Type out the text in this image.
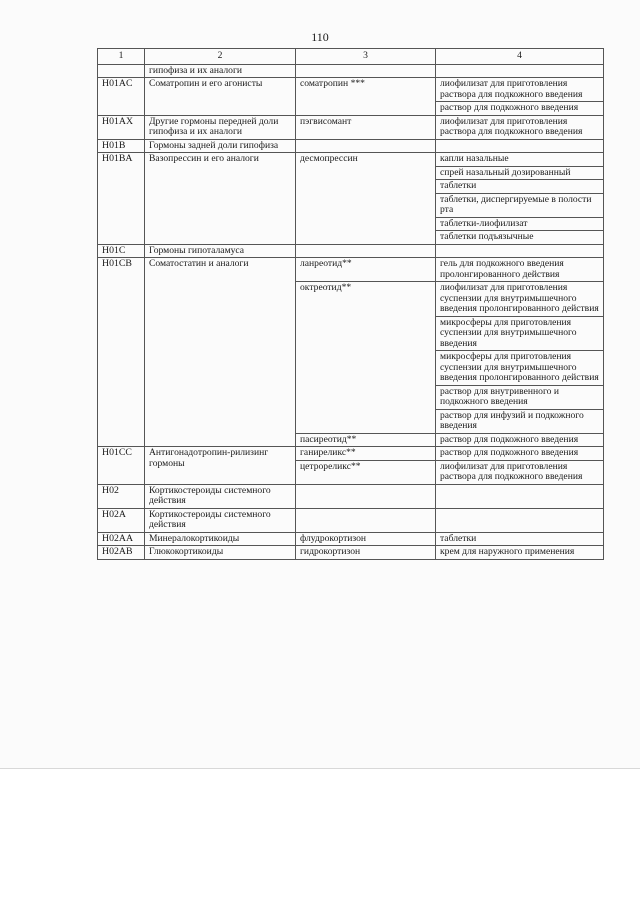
110
1	2	3	4
	гипофиза и их аналоги		
H01AC	Соматропин и его агонисты	соматропин ***	лиофилизат для приготовления раствора для подкожного введения
			раствор для подкожного введения
H01AX	Другие гормоны передней доли гипофиза и их аналоги	пэгвисомант	лиофилизат для приготовления раствора для подкожного введения
H01B	Гормоны задней доли гипофиза		
H01BA	Вазопрессин и его аналоги	десмопрессин	капли назальные
			спрей назальный дозированный
			таблетки
			таблетки, диспергируемые в полости рта
			таблетки-лиофилизат
			таблетки подъязычные
H01C	Гормоны гипоталамуса		
H01CB	Соматостатин и аналоги	ланреотид**	гель для подкожного введения пролонгированного действия
		октреотид**	лиофилизат для приготовления суспензии для внутримышечного введения пролонгированного действия
			микросферы для приготовления суспензии для внутримышечного введения
			микросферы для приготовления суспензии для внутримышечного введения пролонгированного действия
			раствор для внутривенного и подкожного введения
			раствор для инфузий и подкожного введения
		пасиреотид**	раствор для подкожного введения
H01CC	Антигонадотропин-рилизинг гормоны	ганиреликс**	раствор для подкожного введения
		цетрореликс**	лиофилизат для приготовления раствора для подкожного введения
H02	Кортикостероиды системного действия		
H02A	Кортикостероиды системного действия		
H02AA	Минералокортикоиды	флудрокортизон	таблетки
H02AB	Глюкокортикоиды	гидрокортизон	крем для наружного применения
